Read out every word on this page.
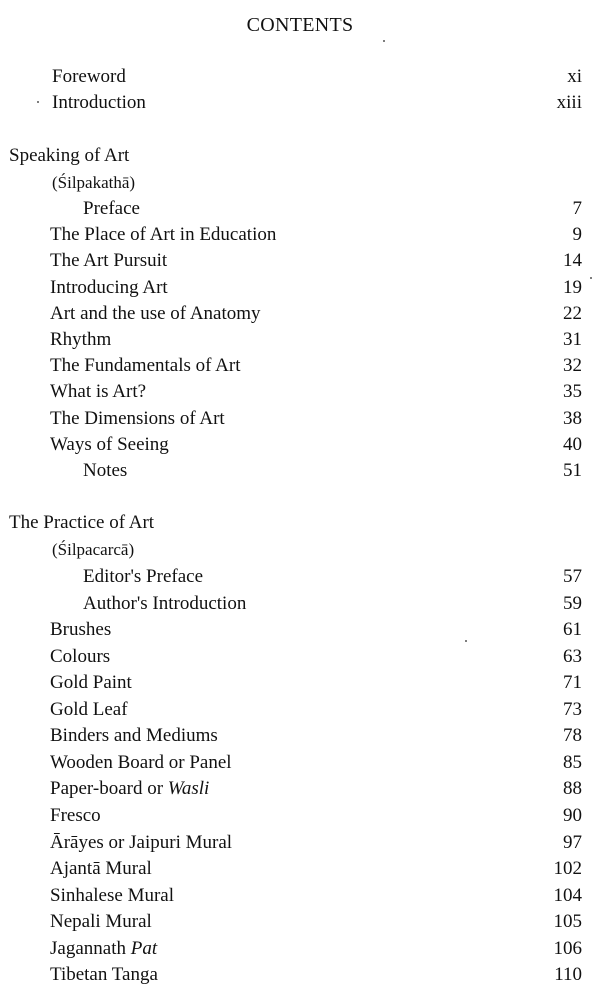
CONTENTS
Foreword	xi
Introduction	xiii
Speaking of Art
(Śilpakathā)
Preface	7
The Place of Art in Education	9
The Art Pursuit	14
Introducing Art	19
Art and the use of Anatomy	22
Rhythm	31
The Fundamentals of Art	32
What is Art?	35
The Dimensions of Art	38
Ways of Seeing	40
Notes	51
The Practice of Art
(Śilpacarcā)
Editor's Preface	57
Author's Introduction	59
Brushes	61
Colours	63
Gold Paint	71
Gold Leaf	73
Binders and Mediums	78
Wooden Board or Panel	85
Paper-board or Wasli	88
Fresco	90
Ārāyes or Jaipuri Mural	97
Ajantā Mural	102
Sinhalese Mural	104
Nepali Mural	105
Jagannath Pat	106
Tibetan Tanga	110
